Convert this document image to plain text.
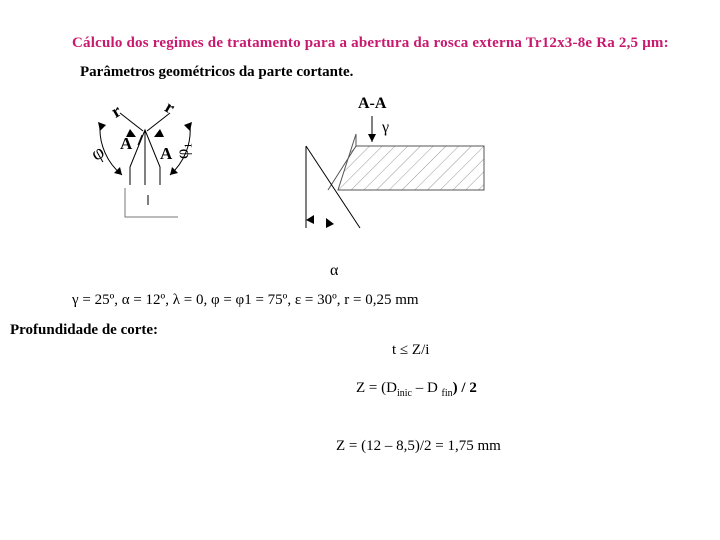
Cálculo dos regimes de tratamento para a abertura da rosca externa Tr12x3-8e Ra 2,5 μm:
Parâmetros geométricos da parte cortante.
r r
φ A
A φ₁
A-A
γ
α
γ = 25º, α = 12º, λ = 0, φ = φ1 = 75º, ε = 30º, r = 0,25 mm
Profundidade de corte:
t ≤ Z/i
$Z = (D_{inic} - D$ $_{fin}$) / 2
Z = (12 – 8,5)/2 = 1,75 mm
